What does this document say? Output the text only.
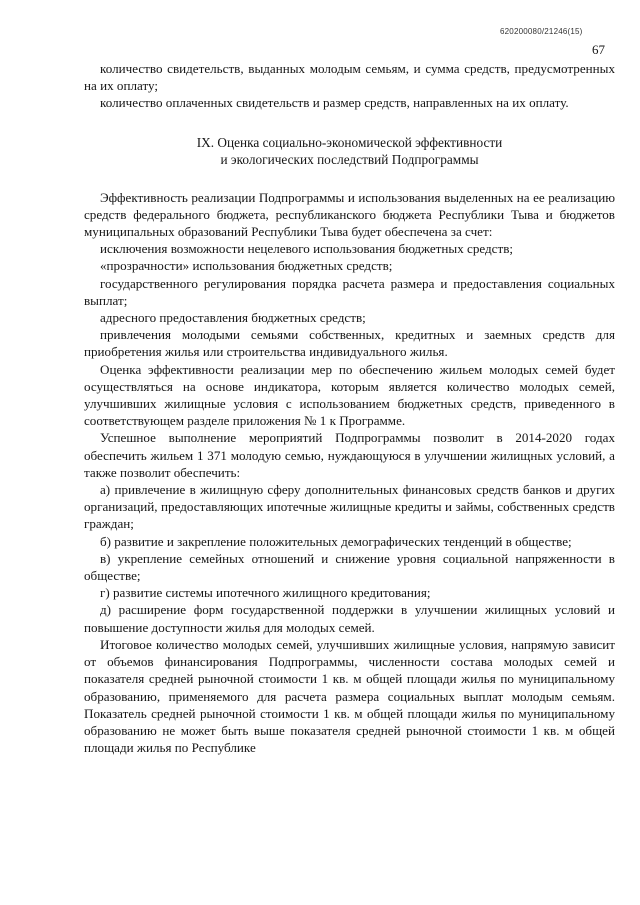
620200080/21246(15)
67

количество свидетельств, выданных молодым семьям, и сумма средств, предусмотренных на их оплату;

количество оплаченных свидетельств и размер средств, направленных на их оплату.

IX. Оценка социально-экономической эффективности
и экологических последствий Подпрограммы

Эффективность реализации Подпрограммы и использования выделенных на ее реализацию средств федерального бюджета, республиканского бюджета Республики Тыва и бюджетов муниципальных образований Республики Тыва будет обеспечена за счет:

исключения возможности нецелевого использования бюджетных средств;

«прозрачности» использования бюджетных средств;

государственного регулирования порядка расчета размера и предоставления социальных выплат;

адресного предоставления бюджетных средств;

привлечения молодыми семьями собственных, кредитных и заемных средств для приобретения жилья или строительства индивидуального жилья.

Оценка эффективности реализации мер по обеспечению жильем молодых семей будет осуществляться на основе индикатора, которым является количество молодых семей, улучшивших жилищные условия с использованием бюджетных средств, приведенного в соответствующем разделе приложения № 1 к Программе.

Успешное выполнение мероприятий Подпрограммы позволит в 2014-2020 годах обеспечить жильем 1 371 молодую семью, нуждающуюся в улучшении жилищных условий, а также позволит обеспечить:

а) привлечение в жилищную сферу дополнительных финансовых средств банков и других организаций, предоставляющих ипотечные жилищные кредиты и займы, собственных средств граждан;

б) развитие и закрепление положительных демографических тенденций в обществе;

в) укрепление семейных отношений и снижение уровня социальной напряженности в обществе;

г) развитие системы ипотечного жилищного кредитования;

д) расширение форм государственной поддержки в улучшении жилищных условий и повышение доступности жилья для молодых семей.

Итоговое количество молодых семей, улучшивших жилищные условия, напрямую зависит от объемов финансирования Подпрограммы, численности состава молодых семей и показателя средней рыночной стоимости 1 кв. м общей площади жилья по муниципальному образованию, применяемого для расчета размера социальных выплат молодым семьям. Показатель средней рыночной стоимости 1 кв. м общей площади жилья по муниципальному образованию не может быть выше показателя средней рыночной стоимости 1 кв. м общей площади жилья по Республике
